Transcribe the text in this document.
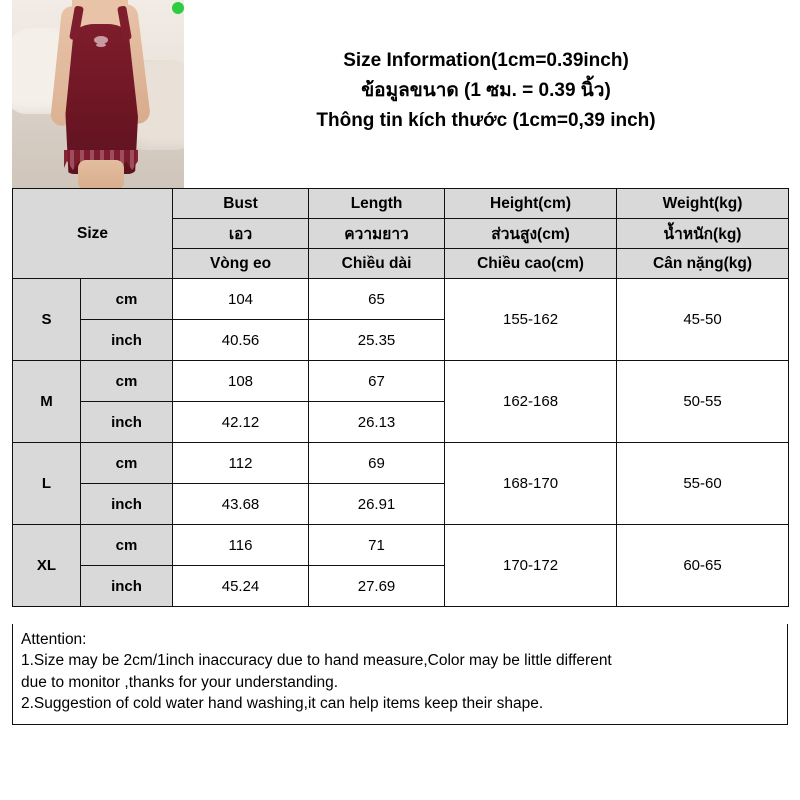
Size Information(1cm=0.39inch)
ข้อมูลขนาด (1 ซม. = 0.39 นิ้ว)
Thông tin kích thước (1cm=0,39 inch)
Size		Bust	Length	Height(cm)	Weight(kg)
		เอว	ความยาว	ส่วนสูง(cm)	น้ำหนัก(kg)
		Vòng eo	Chiều dài	Chiều cao(cm)	Cân nặng(kg)
S	cm	104	65	155-162	45-50
	inch	40.56	25.35		
M	cm	108	67	162-168	50-55
	inch	42.12	26.13		
L	cm	112	69	168-170	55-60
	inch	43.68	26.91		
XL	cm	116	71	170-172	60-65
	inch	45.24	27.69		

Attention:

1.Size may be 2cm/1inch inaccuracy due to hand measure,Color may be little different

due to monitor ,thanks for your understanding.

2.Suggestion of cold water hand washing,it can help items keep their shape.
